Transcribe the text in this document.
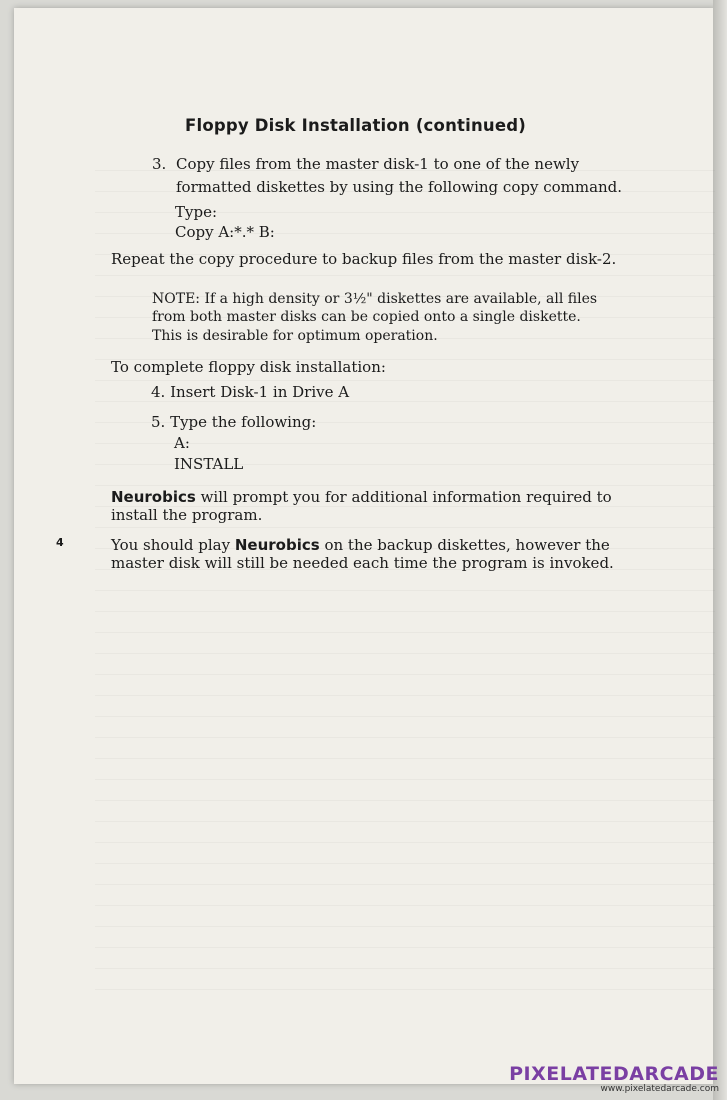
Floppy Disk Installation (continued)
3. Copy files from the master disk-1 to one of the newly
formatted diskettes by using the following copy command.
Type:
Copy A:*.* B:
Repeat the copy procedure to backup files from the master disk-2.
NOTE: If a high density or 3½" diskettes are available, all files
from both master disks can be copied onto a single diskette.
This is desirable for optimum operation.
To complete floppy disk installation:
4. Insert Disk-1 in Drive A
5. Type the following:
A:
INSTALL
Neurobics will prompt you for additional information required to
install the program.
4	You should play Neurobics on the backup diskettes, however the
master disk will still be needed each time the program is invoked.
PIXELATEDARCADE
www.pixelatedarcade.com
